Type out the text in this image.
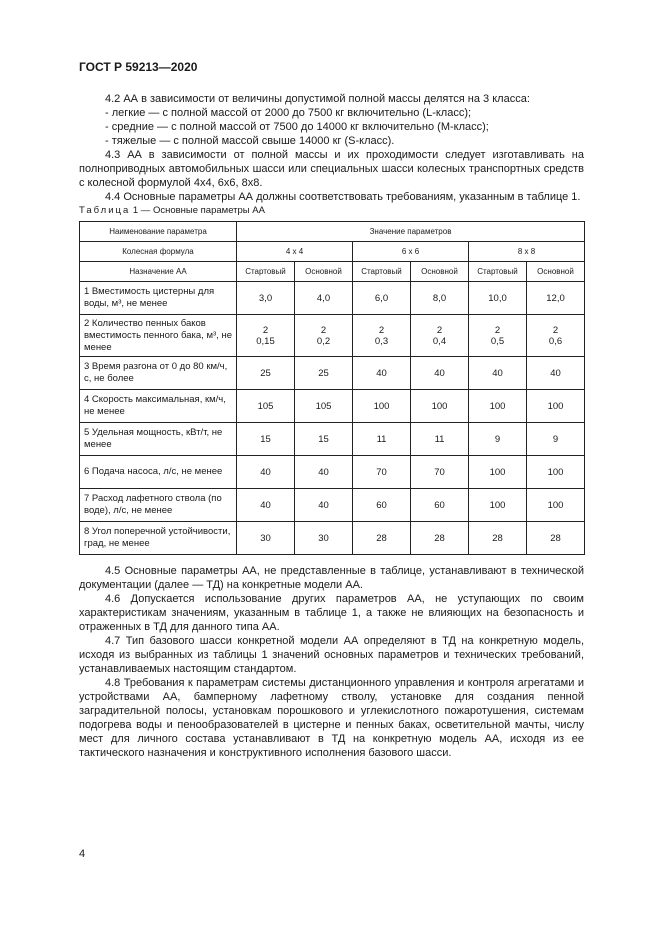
ГОСТ Р 59213—2020

4.2 АА в зависимости от величины допустимой полной массы делятся на 3 класса:

- легкие — с полной массой от 2000 до 7500 кг включительно (L-класс);

- средние — с полной массой от 7500 до 14000 кг включительно (М-класс);

- тяжелые — с полной массой свыше 14000 кг (S-класс).

4.3 АА в зависимости от полной массы и их проходимости следует изготавливать на полноприводных автомобильных шасси или специальных шасси колесных транспортных средств с колесной формулой 4х4, 6х6, 8х8.

4.4 Основные параметры АА должны соответствовать требованиям, указанным в таблице 1.

Таблица 1 — Основные параметры АА
Наименование параметра	Значение параметров					
Колесная формула	4 х 4		6 х 6		8 х 8	
Назначение АА	Стартовый	Основной	Стартовый	Основной	Стартовый	Основной
1 Вместимость цистерны для воды, м³, не менее	3,0	4,0	6,0	8,0	10,0	12,0
2 Количество пенных баков вместимость пенного бака, м³, не менее	2
0,15	2
0,2	2
0,3	2
0,4	2
0,5	2
0,6
3 Время разгона от 0 до 80 км/ч, с, не более	25	25	40	40	40	40
4 Скорость максимальная, км/ч, не менее	105	105	100	100	100	100
5 Удельная мощность, кВт/т, не менее	15	15	11	11	9	9
6 Подача насоса, л/с, не менее	40	40	70	70	100	100
7 Расход лафетного ствола (по воде), л/с, не менее	40	40	60	60	100	100
8 Угол поперечной устойчивости, град, не менее	30	30	28	28	28	28

4.5 Основные параметры АА, не представленные в таблице, устанавливают в технической документации (далее — ТД) на конкретные модели АА.

4.6 Допускается использование других параметров АА, не уступающих по своим характеристикам значениям, указанным в таблице 1, а также не влияющих на безопасность и отраженных в ТД для данного типа АА.

4.7 Тип базового шасси конкретной модели АА определяют в ТД на конкретную модель, исходя из выбранных из таблицы 1 значений основных параметров и технических требований, устанавливаемых настоящим стандартом.

4.8 Требования к параметрам системы дистанционного управления и контроля агрегатами и устройствами АА, бамперному лафетному стволу, установке для создания пенной заградительной полосы, установкам порошкового и углекислотного пожаротушения, системам подогрева воды и пенообразователей в цистерне и пенных баках, осветительной мачты, числу мест для личного состава устанавливают в ТД на конкретную модель АА, исходя из ее тактического назначения и конструктивного исполнения базового шасси.

4
